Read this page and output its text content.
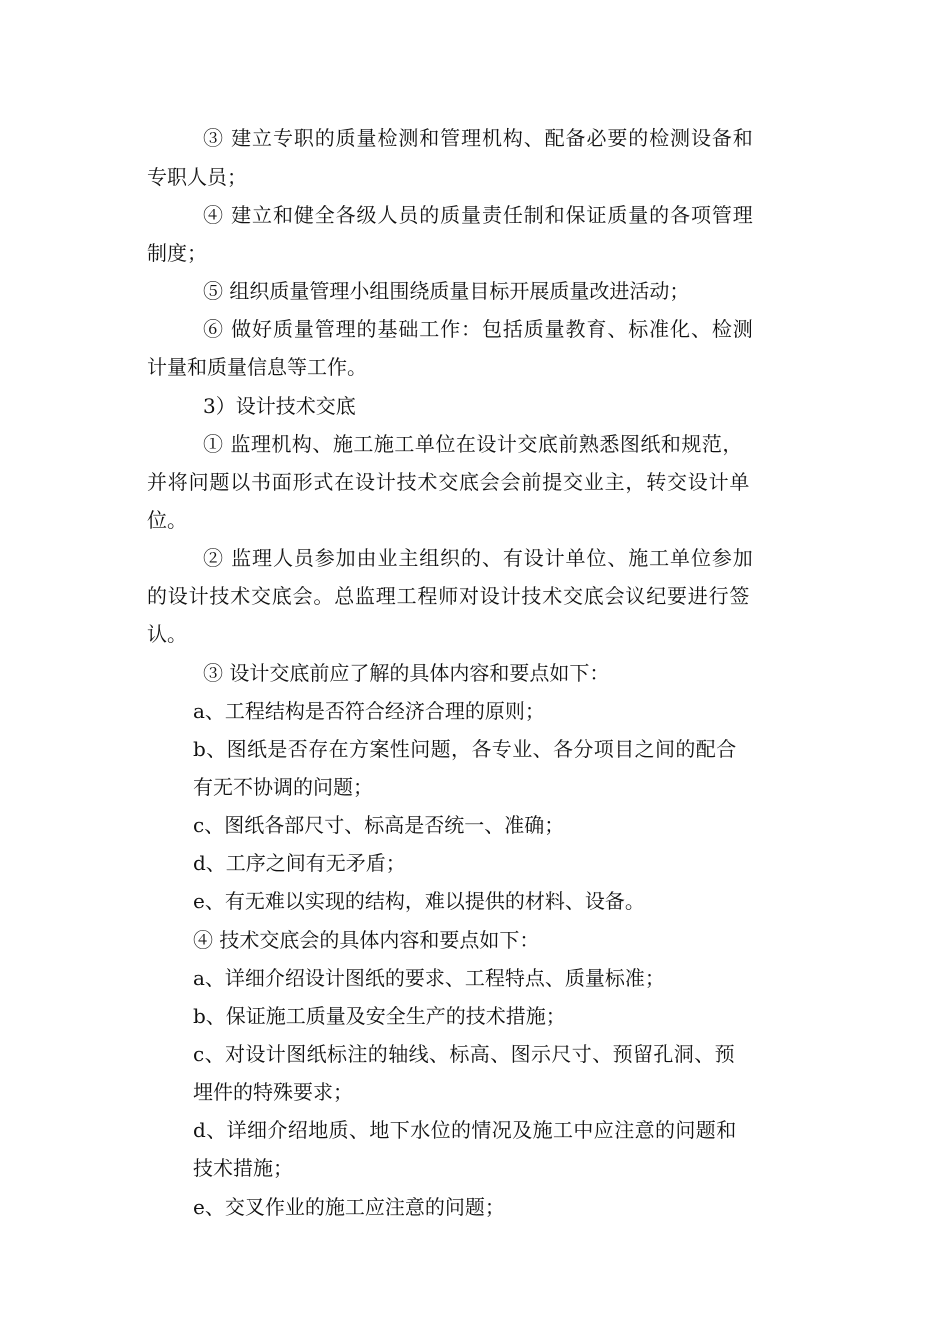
③ 建立专职的质量检测和管理机构、配备必要的检测设备和
专职人员；
④ 建立和健全各级人员的质量责任制和保证质量的各项管理
制度；
⑤ 组织质量管理小组围绕质量目标开展质量改进活动；
⑥ 做好质量管理的基础工作：包括质量教育、标准化、检测
计量和质量信息等工作。
3）设计技术交底
① 监理机构、施工施工单位在设计交底前熟悉图纸和规范，
并将问题以书面形式在设计技术交底会会前提交业主，转交设计单
位。
② 监理人员参加由业主组织的、有设计单位、施工单位参加
的设计技术交底会。总监理工程师对设计技术交底会议纪要进行签
认。
③ 设计交底前应了解的具体内容和要点如下：
a、工程结构是否符合经济合理的原则；
b、图纸是否存在方案性问题，各专业、各分项目之间的配合
有无不协调的问题；
c、图纸各部尺寸、标高是否统一、准确；
d、工序之间有无矛盾；
e、有无难以实现的结构，难以提供的材料、设备。
④ 技术交底会的具体内容和要点如下：
a、详细介绍设计图纸的要求、工程特点、质量标准；
b、保证施工质量及安全生产的技术措施；
c、对设计图纸标注的轴线、标高、图示尺寸、预留孔洞、预
埋件的特殊要求；
d、详细介绍地质、地下水位的情况及施工中应注意的问题和
技术措施；
e、交叉作业的施工应注意的问题；
